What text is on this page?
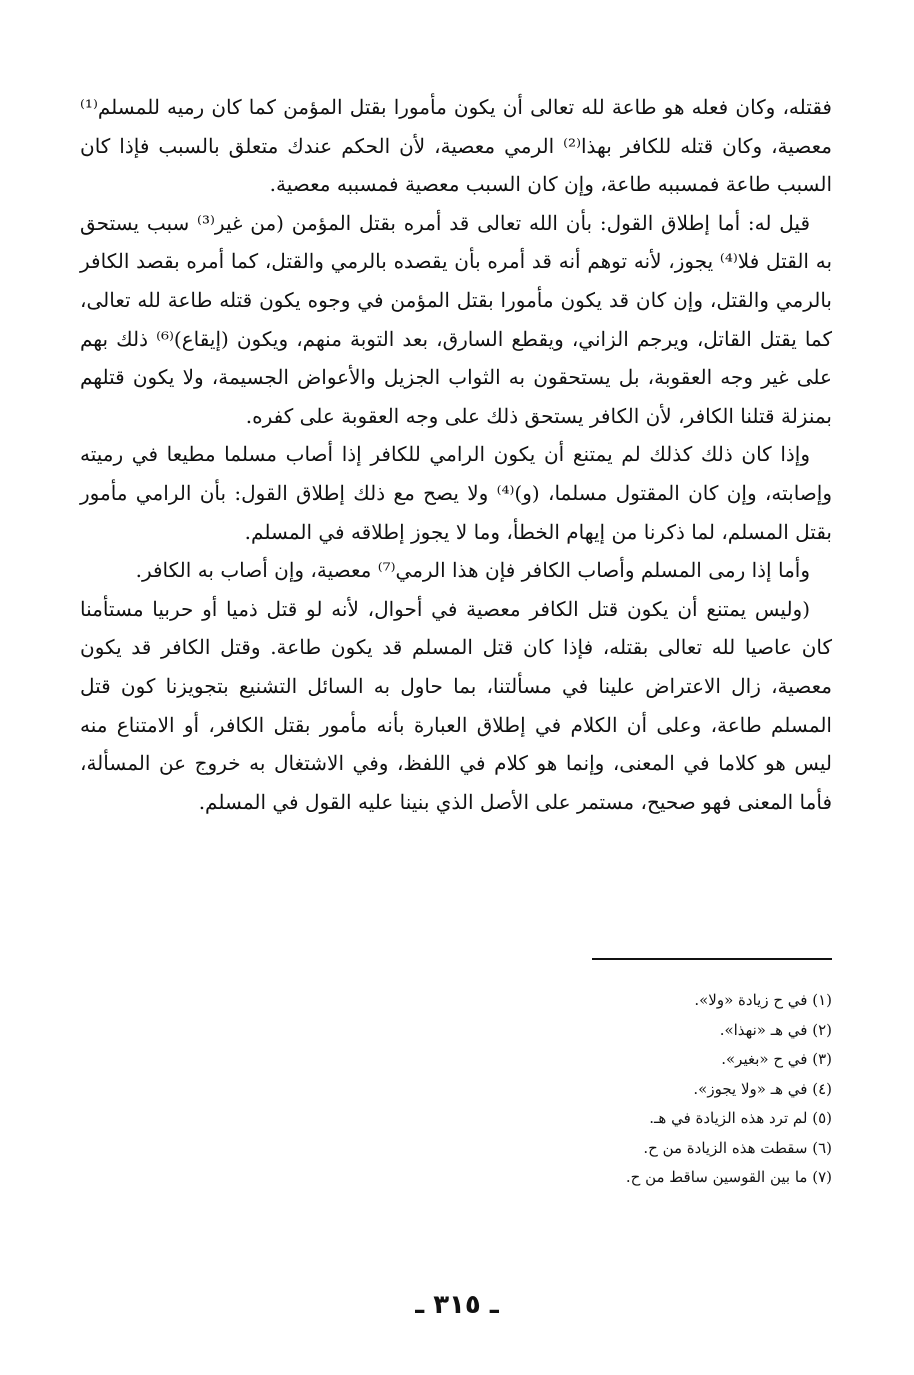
فقتله، وكان فعله هو طاعة لله تعالى أن يكون مأمورا بقتل المؤمن كما كان رميه للمسلم⁽¹⁾ معصية، وكان قتله للكافر بهذا⁽²⁾ الرمي معصية، لأن الحكم عندك متعلق بالسبب فإذا كان السبب طاعة فمسببه طاعة، وإن كان السبب معصية فمسببه معصية.

قيل له: أما إطلاق القول: بأن الله تعالى قد أمره بقتل المؤمن (من غير⁽³⁾ سبب يستحق به القتل فلا⁽⁴⁾ يجوز، لأنه توهم أنه قد أمره بأن يقصده بالرمي والقتل، كما أمره بقصد الكافر بالرمي والقتل، وإن كان قد يكون مأمورا بقتل المؤمن في وجوه يكون قتله طاعة لله تعالى، كما يقتل القاتل، ويرجم الزاني، ويقطع السارق، بعد التوبة منهم، ويكون (إيقاع)⁽⁶⁾ ذلك بهم على غير وجه العقوبة، بل يستحقون به الثواب الجزيل والأعواض الجسيمة، ولا يكون قتلهم بمنزلة قتلنا الكافر، لأن الكافر يستحق ذلك على وجه العقوبة على كفره.

وإذا كان ذلك كذلك لم يمتنع أن يكون الرامي للكافر إذا أصاب مسلما مطيعا في رميته وإصابته، وإن كان المقتول مسلما، (و)⁽⁴⁾ ولا يصح مع ذلك إطلاق القول: بأن الرامي مأمور بقتل المسلم، لما ذكرنا من إيهام الخطأ، وما لا يجوز إطلاقه في المسلم.

وأما إذا رمى المسلم وأصاب الكافر فإن هذا الرمي⁽⁷⁾ معصية، وإن أصاب به الكافر.

(وليس يمتنع أن يكون قتل الكافر معصية في أحوال، لأنه لو قتل ذميا أو حربيا مستأمنا كان عاصيا لله تعالى بقتله، فإذا كان قتل المسلم قد يكون طاعة. وقتل الكافر قد يكون معصية، زال الاعتراض علينا في مسألتنا، بما حاول به السائل التشنيع بتجويزنا كون قتل المسلم طاعة، وعلى أن الكلام في إطلاق العبارة بأنه مأمور بقتل الكافر، أو الامتناع منه ليس هو كلاما في المعنى، وإنما هو كلام في اللفظ، وفي الاشتغال به خروج عن المسألة، فأما المعنى فهو صحيح، مستمر على الأصل الذي بنينا عليه القول في المسلم.

(١) في ح زيادة «ولا».
(٢) في هـ «نهذا».
(٣) في ح «بغير».
(٤) في هـ «ولا يجوز».
(٥) لم ترد هذه الزيادة في هـ.
(٦) سقطت هذه الزيادة من ح.
(٧) ما بين القوسين ساقط من ح.
ـ ٣١٥ ـ
